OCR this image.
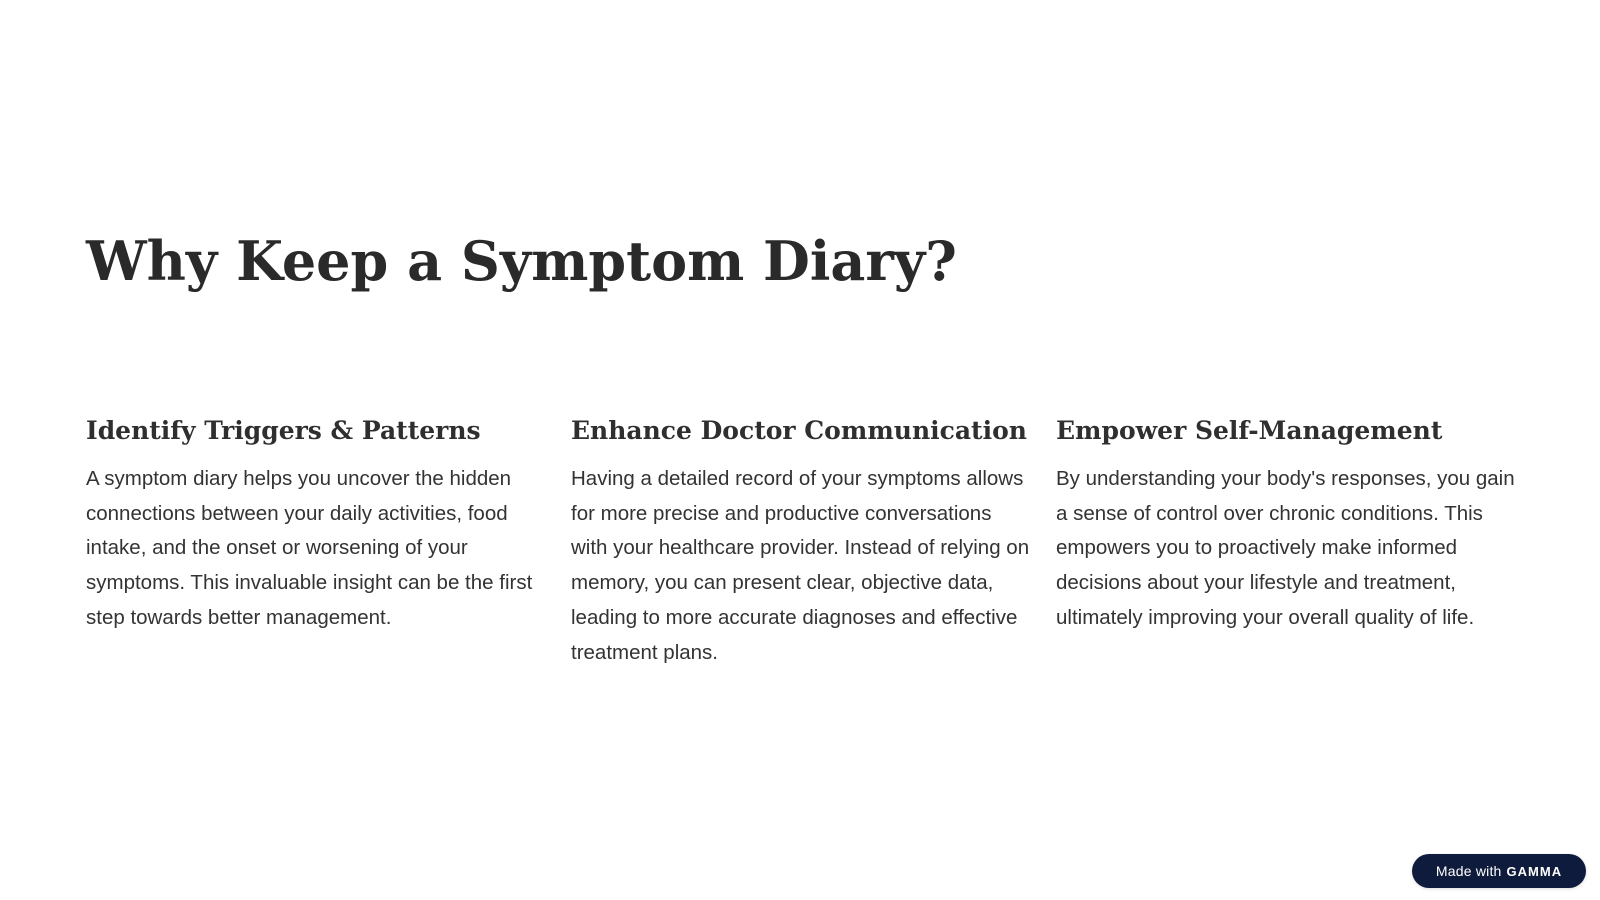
Why Keep a Symptom Diary?
Identify Triggers & Patterns

A symptom diary helps you uncover the hidden connections between your daily activities, food intake, and the onset or worsening of your symptoms. This invaluable insight can be the first step towards better management.

Enhance Doctor Communication

Having a detailed record of your symptoms allows for more precise and productive conversations with your healthcare provider. Instead of relying on memory, you can present clear, objective data, leading to more accurate diagnoses and effective treatment plans.

Empower Self-Management

By understanding your body's responses, you gain a sense of control over chronic conditions. This empowers you to proactively make informed decisions about your lifestyle and treatment, ultimately improving your overall quality of life.

Made with GAMMA
